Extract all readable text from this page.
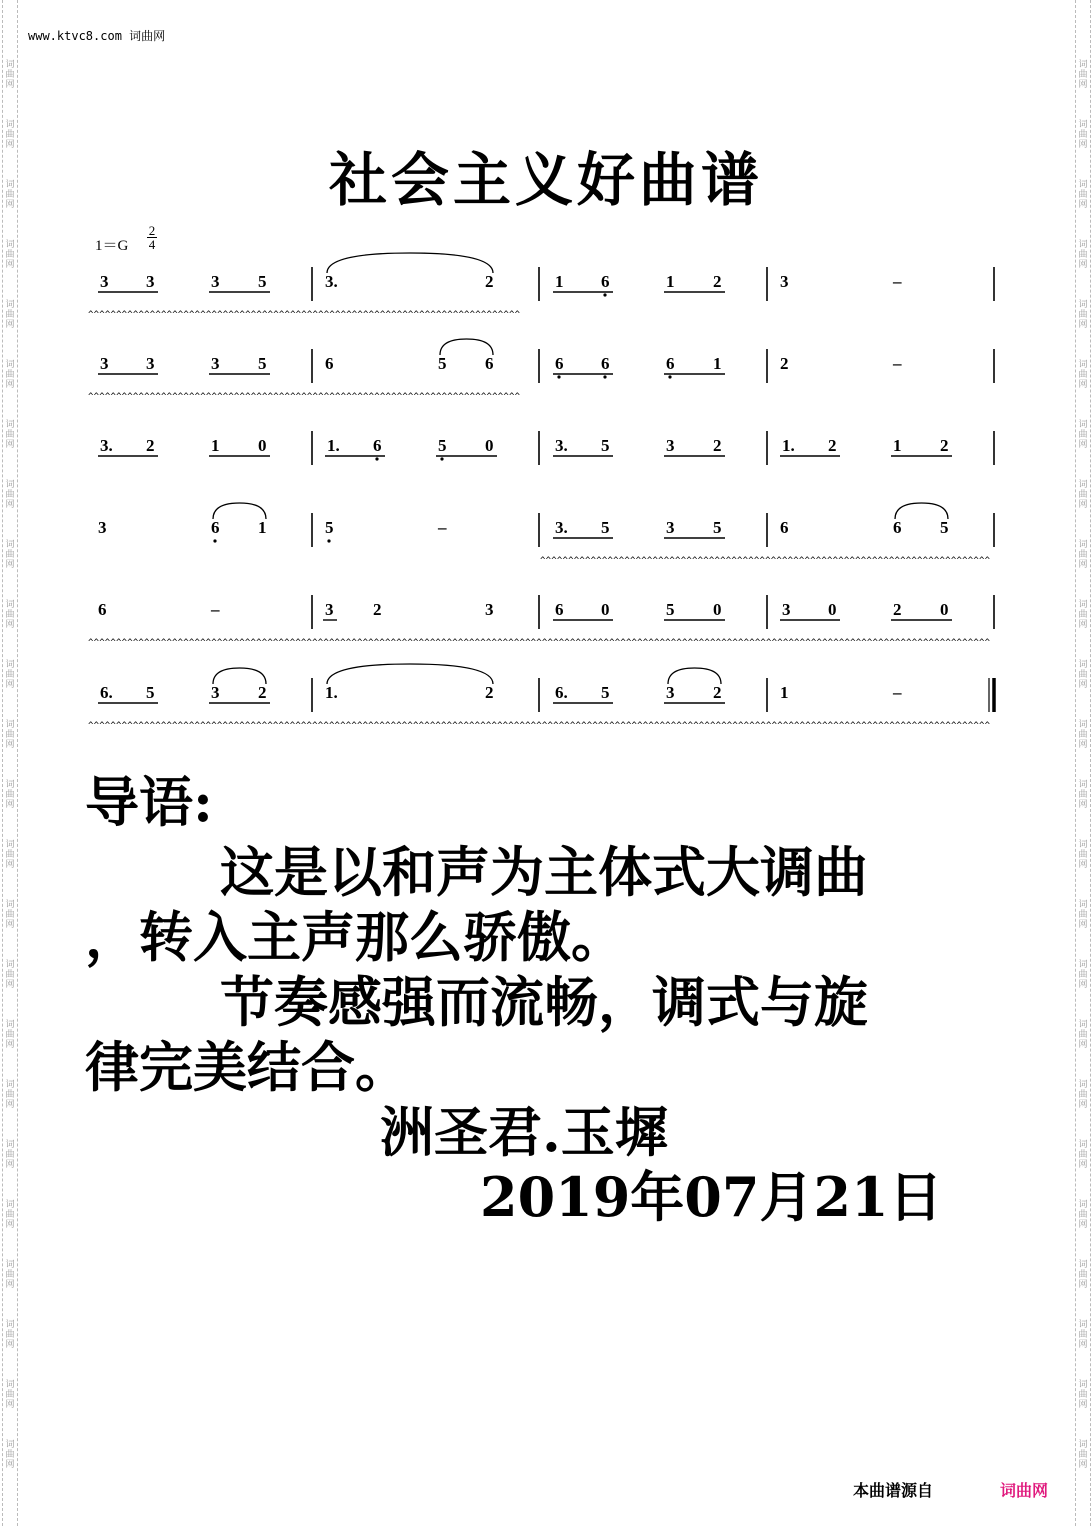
词
曲
网
词
曲
网
词
曲
网
词
曲
网
词
曲
网
词
曲
网
词
曲
网
词
曲
网
词
曲
网
词
曲
网
词
曲
网
词
曲
网
词
曲
网
词
曲
网
词
曲
网
词
曲
网
词
曲
网
词
曲
网
词
曲
网
词
曲
网
词
曲
网
词
曲
网
词
曲
网
词
曲
网
词
曲
网
词
曲
网
词
曲
网
词
曲
网
词
曲
网
词
曲
网
词
曲
网
词
曲
网
词
曲
网
词
曲
网
词
曲
网
词
曲
网
词
曲
网
词
曲
网
词
曲
网
词
曲
网
词
曲
网
词
曲
网
词
曲
网
词
曲
网
词
曲
网
词
曲
网
词
曲
网
词
曲
网
www.ktvc8.com 词曲网
社会主义好曲谱
1＝G
2
4
3 3	3 5	3.	2	1 6	1 2	3	–
^^^^^^^^^^^^^^^^^^^^^^^^^^^^^^^^^^^^^^^^^^^^^^^^^^^^^^^^^^^^^^^^^^^^^^^^^^^^^
3 3	3 5	6	5 6	6 6	6 1	2	–
^^^^^^^^^^^^^^^^^^^^^^^^^^^^^^^^^^^^^^^^^^^^^^^^^^^^^^^^^^^^^^^^^^^^^^^^^^^^^
3. 2	1 0	1. 6	5 0	3. 5	3 2	1. 2	1 2
3	6 1	5	–	3. 5	3 5	6	6 5
^^^^^^^^^^^^^^^^^^^^^^^^^^^^^^^^^^^^^^^^^^^^^^^^^^^^^^^^^^^^^^^^^^^^^^^^^^^^^^^^
6	–	3 2	3	6 0	5 0	3 0	2 0
^^^^^^^^^^^^^^^^^^^^^^^^^^^^^^^^^^^^^^^^^^^^^^^^^^^^^^^^^^^^^^^^^^^^^^^^^^^^^^^^^^^^^^^^^^^^^^^^^^^^^^^^^^^^^^^^^^^^^^^^^^^^^^^^^^^^^^^^^^^^^^^^^^^^^^^^^^^^^^^^^
6. 5	3 2	1.	2	6. 5	3 2	1	–
^^^^^^^^^^^^^^^^^^^^^^^^^^^^^^^^^^^^^^^^^^^^^^^^^^^^^^^^^^^^^^^^^^^^^^^^^^^^^^^^^^^^^^^^^^^^^^^^^^^^^^^^^^^^^^^^^^^^^^^^^^^^^^^^^^^^^^^^^^^^^^^^^^^^^^^^^^^^^^^^^
导语:
这是以和声为主体式大调曲
，转入主声那么骄傲。
节奏感强而流畅，调式与旋
律完美结合。
洲圣君.玉墀
2019年07月21日
本曲谱源自	词曲网
